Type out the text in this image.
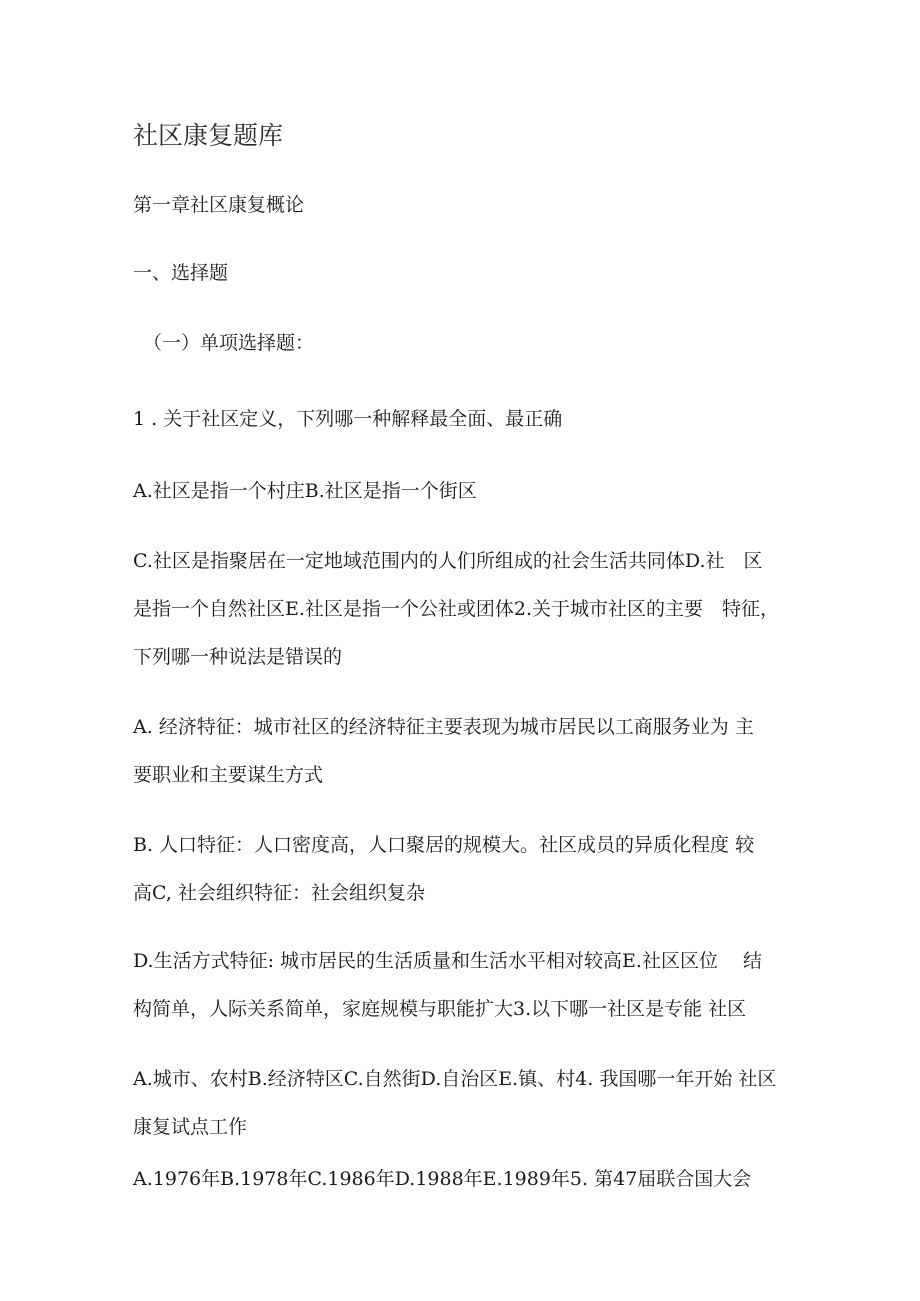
社区康复题库
第一章社区康复概论
一、选择题
（一）单项选择题：
1 . 关于社区定义，下列哪一种解释最全面、最正确
A.社区是指一个村庄B.社区是指一个街区
C.社区是指聚居在一定地域范围内的人们所组成的社会生活共同体D.社　区
是指一个自然社区E.社区是指一个公社或团体2.关于城市社区的主要　特征，
下列哪一种说法是错误的
A. 经济特征：城市社区的经济特征主要表现为城市居民以工商服务业为 主
要职业和主要谋生方式
B. 人口特征：人口密度高，人口聚居的规模大。社区成员的异质化程度 较
高C, 社会组织特征：社会组织复杂
D.生活方式特征: 城市居民的生活质量和生活水平相对较高E.社区区位　 结
构简单，人际关系简单，家庭规模与职能扩大3.以下哪一社区是专能 社区
A.城市、农村B.经济特区C.自然街D.自治区E.镇、村4. 我国哪一年开始 社区
康复试点工作
A.1976年B.1978年C.1986年D.1988年E.1989年5. 第47届联合国大会
